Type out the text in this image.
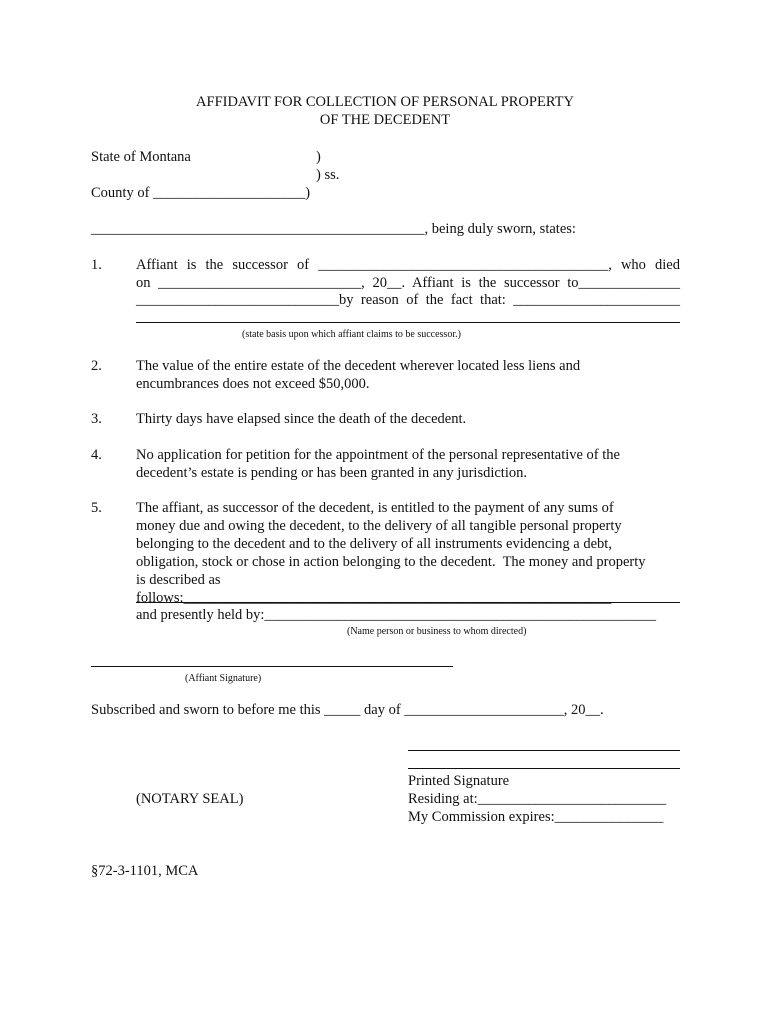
AFFIDAVIT FOR COLLECTION OF PERSONAL PROPERTY
OF THE DECEDENT
State of Montana	)
) ss.
County of _____________________)
______________________________________________, being duly sworn, states:
1. Affiant is the successor of ________________________________________, who died
on ____________________________, 20__. Affiant is the successor to______________
____________________________by reason of the fact that: _______________________
(state basis upon which affiant claims to be successor.)
2. The value of the entire estate of the decedent wherever located less liens and
encumbrances does not exceed $50,000.
3. Thirty days have elapsed since the death of the decedent.
4. No application for petition for the appointment of the personal representative of the
decedent’s estate is pending or has been granted in any jurisdiction.
5. The affiant, as successor of the decedent, is entitled to the payment of any sums of
money due and owing the decedent, to the delivery of all tangible personal property
belonging to the decedent and to the delivery of all instruments evidencing a debt,
obligation, stock or chose in action belonging to the decedent.  The money and property
is described as follows:___________________________________________________________
and presently held by:______________________________________________________
(Name person or business to whom directed)
(Affiant Signature)
Subscribed and sworn to before me this _____ day of ______________________, 20__.
Printed Signature
(NOTARY SEAL)	Residing at:__________________________
My Commission expires:_______________
§72-3-1101, MCA
